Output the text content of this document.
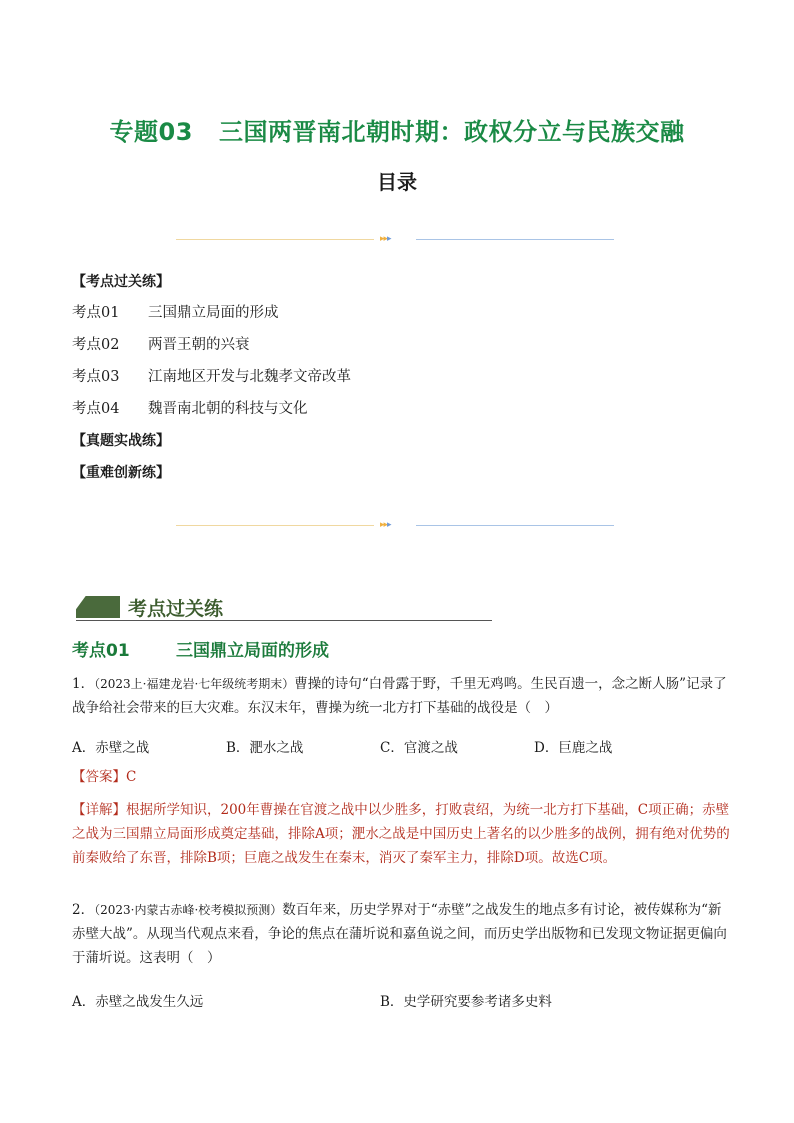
专题03 三国两晋南北朝时期：政权分立与民族交融
目录
▸▸▸
【考点过关练】
考点01 三国鼎立局面的形成
考点02 两晋王朝的兴衰
考点03 江南地区开发与北魏孝文帝改革
考点04 魏晋南北朝的科技与文化
【真题实战练】
【重难创新练】
▸▸▸
考点过关练
考点01	三国鼎立局面的形成
1．（2023上·福建龙岩·七年级统考期末）曹操的诗句“白骨露于野，千里无鸡鸣。生民百遗一，念之断人肠”记录了战争给社会带来的巨大灾难。东汉末年，曹操为统一北方打下基础的战役是（　）
A．赤壁之战	B．淝水之战	C．官渡之战	D．巨鹿之战
【答案】C
【详解】根据所学知识，200年曹操在官渡之战中以少胜多，打败袁绍，为统一北方打下基础，C项正确；赤壁之战为三国鼎立局面形成奠定基础，排除A项；淝水之战是中国历史上著名的以少胜多的战例，拥有绝对优势的前秦败给了东晋，排除B项；巨鹿之战发生在秦末，消灭了秦军主力，排除D项。故选C项。
2．（2023·内蒙古赤峰·校考模拟预测）数百年来，历史学界对于“赤壁”之战发生的地点多有讨论，被传媒称为“新赤壁大战”。从现当代观点来看，争论的焦点在蒲圻说和嘉鱼说之间，而历史学出版物和已发现文物证据更偏向于蒲圻说。这表明（　）
A．赤壁之战发生久远	B．史学研究要参考诸多史料
